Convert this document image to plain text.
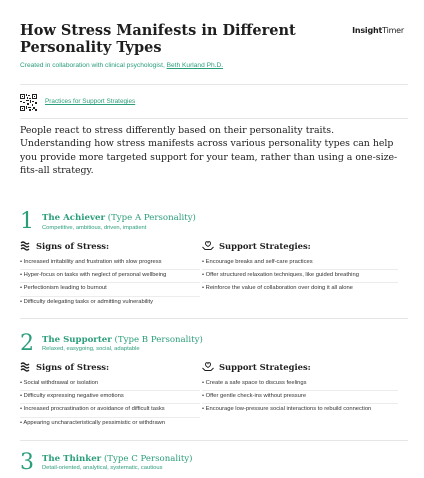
How Stress Manifests in Different Personality Types
InsightTimer
Created in collaboration with clinical psychologist, Beth Kurland Ph.D.
Practices for Support Strategies
People react to stress differently based on their personality traits. Understanding how stress manifests across various personality types can help you provide more targeted support for your team, rather than using a one-size-fits-all strategy.
1 The Achiever (Type A Personality)
Competitive, ambitious, driven, impatient
Signs of Stress:
• Increased irritability and frustration with slow progress
• Hyper-focus on tasks with neglect of personal wellbeing
• Perfectionism leading to burnout
• Difficulty delegating tasks or admitting vulnerability
Support Strategies:
• Encourage breaks and self-care practices
• Offer structured relaxation techniques, like guided breathing
• Reinforce the value of collaboration over doing it all alone
2 The Supporter (Type B Personality)
Relaxed, easygoing, social, adaptable
Signs of Stress:
• Social withdrawal or isolation
• Difficulty expressing negative emotions
• Increased procrastination or avoidance of difficult tasks
• Appearing uncharacteristically pessimistic or withdrawn
Support Strategies:
• Create a safe space to discuss feelings
• Offer gentle check-ins without pressure
• Encourage low-pressure social interactions to rebuild connection
3 The Thinker (Type C Personality)
Detail-oriented, analytical, systematic, cautious
